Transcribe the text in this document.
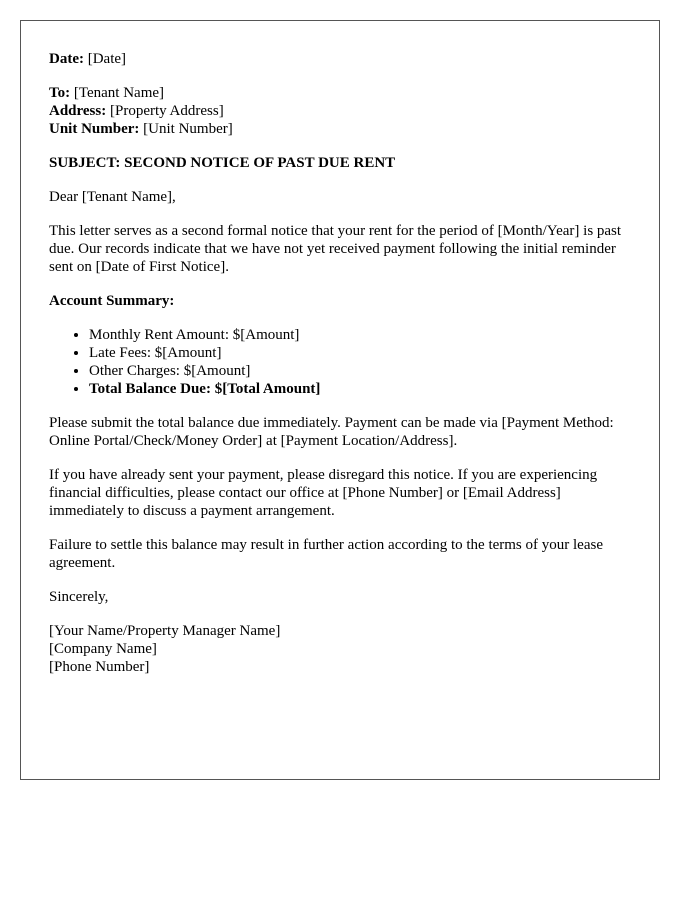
Date: [Date]

To: [Tenant Name]
Address: [Property Address]
Unit Number: [Unit Number]

SUBJECT: SECOND NOTICE OF PAST DUE RENT

Dear [Tenant Name],

This letter serves as a second formal notice that your rent for the period of [Month/Year] is past due. Our records indicate that we have not yet received payment following the initial reminder sent on [Date of First Notice].

Account Summary:

• Monthly Rent Amount: $[Amount]
• Late Fees: $[Amount]
• Other Charges: $[Amount]
• Total Balance Due: $[Total Amount]

Please submit the total balance due immediately. Payment can be made via [Payment Method: Online Portal/Check/Money Order] at [Payment Location/Address].

If you have already sent your payment, please disregard this notice. If you are experiencing financial difficulties, please contact our office at [Phone Number] or [Email Address] immediately to discuss a payment arrangement.

Failure to settle this balance may result in further action according to the terms of your lease agreement.

Sincerely,

[Your Name/Property Manager Name]
[Company Name]
[Phone Number]
